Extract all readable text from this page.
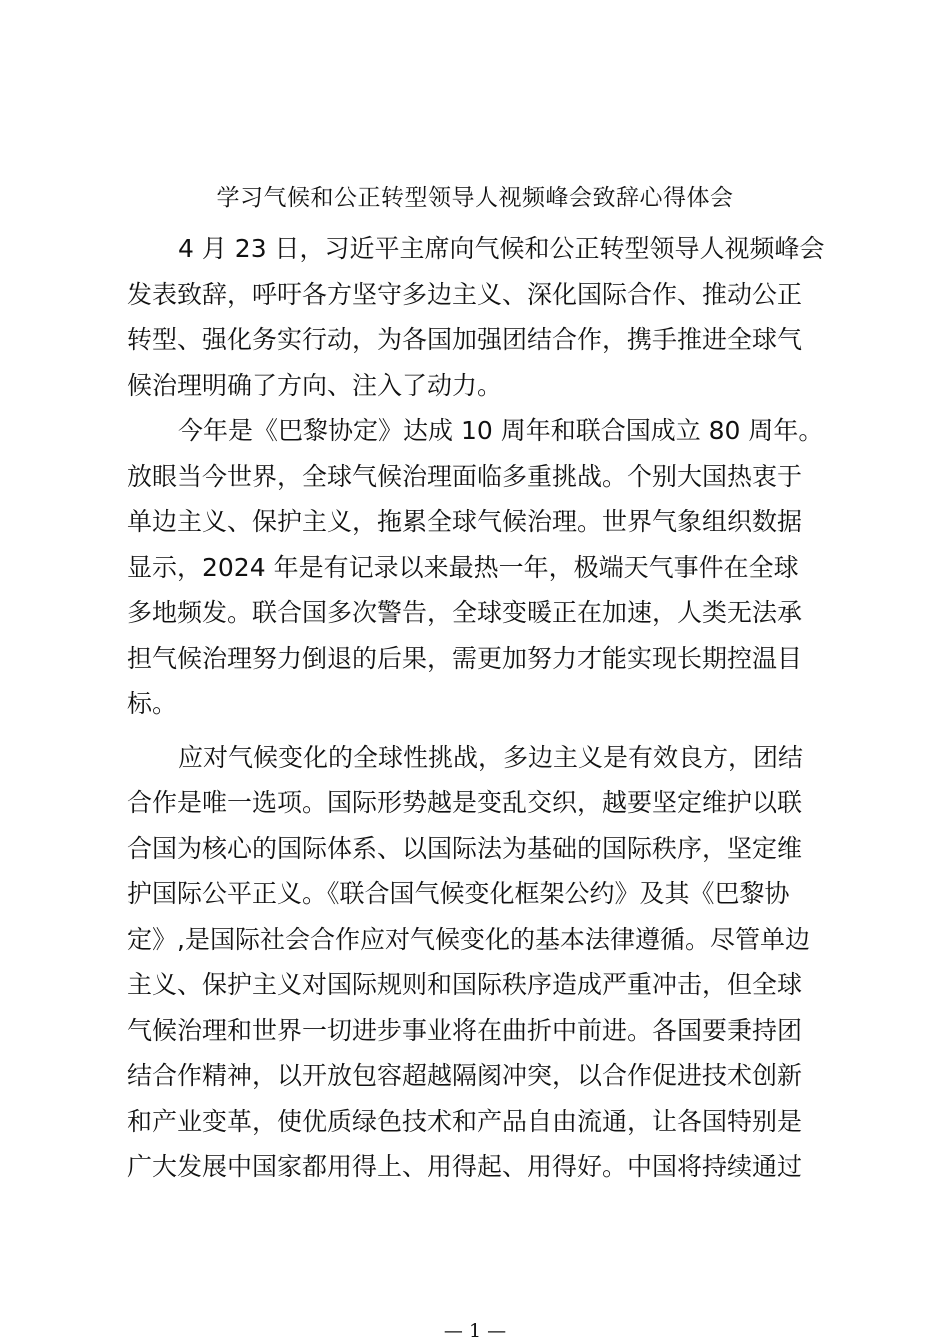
学习气候和公正转型领导人视频峰会致辞心得体会
4 月 23 日，习近平主席向气候和公正转型领导人视频峰会
发表致辞，呼吁各方坚守多边主义、深化国际合作、推动公正
转型、强化务实行动，为各国加强团结合作，携手推进全球气
候治理明确了方向、注入了动力。
今年是《巴黎协定》达成 10 周年和联合国成立 80 周年。
放眼当今世界，全球气候治理面临多重挑战。个别大国热衷于
单边主义、保护主义，拖累全球气候治理。世界气象组织数据
显示，2024 年是有记录以来最热一年，极端天气事件在全球
多地频发。联合国多次警告，全球变暖正在加速，人类无法承
担气候治理努力倒退的后果，需更加努力才能实现长期控温目
标。
应对气候变化的全球性挑战，多边主义是有效良方，团结
合作是唯一选项。国际形势越是变乱交织，越要坚定维护以联
合国为核心的国际体系、以国际法为基础的国际秩序，坚定维
护国际公平正义。《联合国气候变化框架公约》及其《巴黎协
定》,是国际社会合作应对气候变化的基本法律遵循。尽管单边
主义、保护主义对国际规则和国际秩序造成严重冲击，但全球
气候治理和世界一切进步事业将在曲折中前进。各国要秉持团
结合作精神，以开放包容超越隔阂冲突，以合作促进技术创新
和产业变革，使优质绿色技术和产品自由流通，让各国特别是
广大发展中国家都用得上、用得起、用得好。中国将持续通过
— 1 —
